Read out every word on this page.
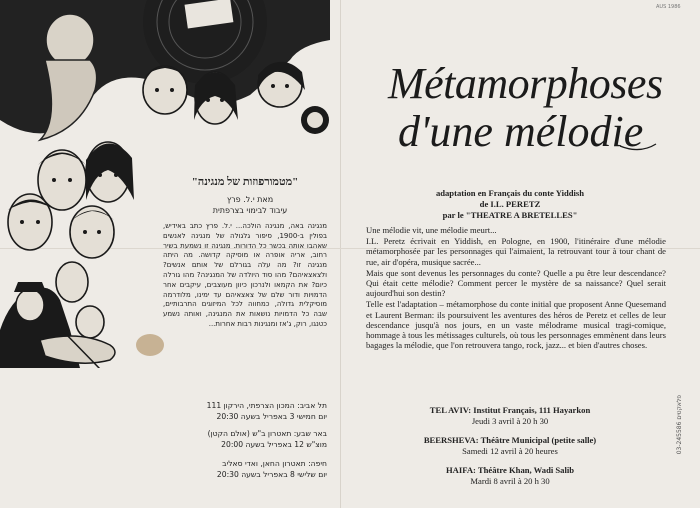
"מטמורפוזות של מנגינה"
מאת י.ל. פרץ
עיבוד לבימוי בצרפתית
מנגינה באה, מנגינה הולכה... י.ל. פרץ כתב באידיש, בפולין ב-1900, סיפור גלגולה של מנגינה לאנשים שאהבו אותה בכשר כל הדורות. מנגינה זו נשמעת בשיר רחוב, אריה אופרה או מוסיקה קדושה. מה היתה מנגינה זו? מה עלה בגורלם של אותם אנשים? ולצאצאיהם? מהו סוד היולדה של המנגינה? מהו גורלה כיום? את הקמאו ולנרכון כיוון מעוצבים, עיקבים אחר הדמויות ודור שלם של צאצאיהם עד ימינו, מלודרמה מוסיקלית גדולה, כמחווה לכל המיזוגים התרבותיים, שבה כל הדמויות נושאות את המנגינה, ואותה נשמע כטנגו, רוק, ג'אז ומנגינות רבות אחרות...
תל אביב: המכון הצרפתי, הירקון 111
יום חמישי 3 באפריל בשעה 20:30
באר שבע: תאטרון ב"ש (אולם הקטן)
מוצ"ש 12 באפריל בשעה 20:00
חיפה: תאטרון החאן, ואדי סאליב
יום שלישי 8 באפריל בשעה 20:30
AUS 1986
Métamorphoses
d'une mélodie
adaptation en Français du conte Yiddish
de I.L. PERETZ
par le "THEATRE A BRETELLES"

Une mélodie vit, une mélodie meurt...

I.L. Peretz écrivait en Yiddish, en Pologne, en 1900, l'itinéraire d'une mélodie métamorphosée par les personnages qui l'aimaient, la retrouvant tour à tour chant de rue, air d'opéra, musique sacrée...

Mais que sont devenus les personnages du conte? Quelle a pu être leur descendance? Qui était cette mélodie? Comment percer le mystère de sa naissance? Quel serait aujourd'hui son destin?

Telle est l'adaptation – métamorphose du conte initial que proposent Anne Quesemand et Laurent Berman: ils poursuivent les aventures des héros de Peretz et celles de leur descendance jusqu'à nos jours, en un vaste mélodrame musical tragi-comique, hommage à tous les métissages culturels, où tous les personnages emmènent dans leurs bagages la mélodie, que l'on retrouvera tango, rock, jazz... et bien d'autres choses.

TEL AVIV: Institut Français, 111 Hayarkon
Jeudi 3 avril à 20 h 30
BEERSHEVA: Théâtre Municipal (petite salle)
Samedi 12 avril à 20 heures
HAIFA: Théâtre Khan, Wadi Salib
Mardi 8 avril à 20 h 30
פלאקטים 03-245586
